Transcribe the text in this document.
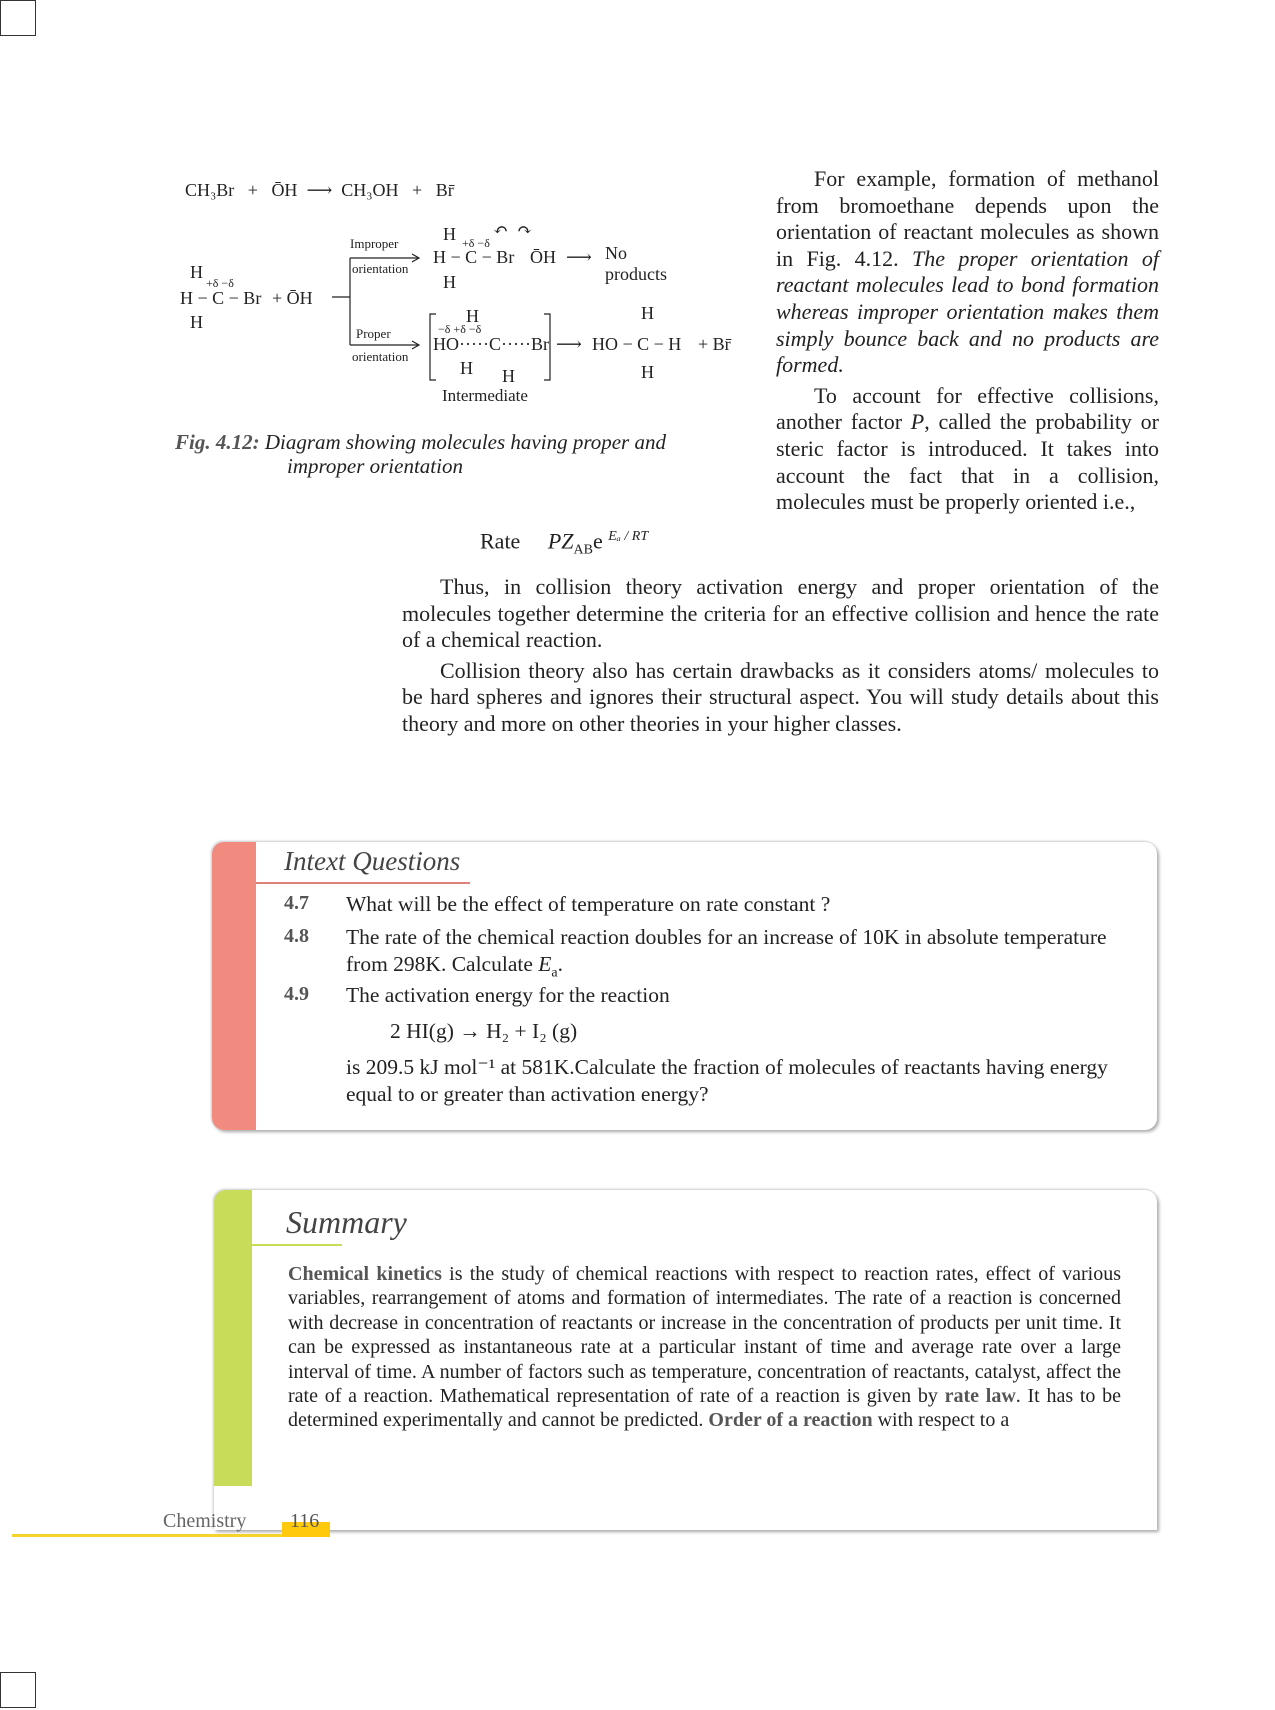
CH₃Br + ŌH ⟶ CH₃OH   +   Br̄
H
+δ −δ
H − C − Br + ŌH
H
Improper
orientation
Proper
orientation
H +δ −δ
H − C − Br ŌH
H
↶  ↷
⟶ No
products
H
−δ +δ −δ
HO·····C·····Br
H H
Intermediate
⟶
H
HO − C − H
H
+ Br̄
Fig. 4.12: Diagram showing molecules having proper and
improper orientation

For example, formation of methanol from bromoethane depends upon the orientation of reactant molecules as shown in Fig. 4.12. The proper orientation of reactant molecules lead to bond formation whereas improper orientation makes them simply bounce back and no products are formed.

To account for effective collisions, another factor P, called the probability or steric factor is introduced. It takes into account the fact that in a collision, molecules must be properly oriented i.e.,

Rate $PZ_{AB}e$ $^{E_a / RT}$

Thus, in collision theory activation energy and proper orientation of the molecules together determine the criteria for an effective collision and hence the rate of a chemical reaction.

Collision theory also has certain drawbacks as it considers atoms/ molecules to be hard spheres and ignores their structural aspect. You will study details about this theory and more on other theories in your higher classes.

Intext Questions
4.7 What will be the effect of temperature on rate constant ?
4.8 The rate of the chemical reaction doubles for an increase of 10K in absolute temperature from 298K. Calculate $E_a$.
4.9 The activation energy for the reaction
2 HI(g) → H₂ + I₂ (g)
is 209.5 kJ mol⁻¹ at 581K.Calculate the fraction of molecules of reactants having energy equal to or greater than activation energy?
Summary
Chemical kinetics is the study of chemical reactions with respect to reaction rates, effect of various variables, rearrangement of atoms and formation of intermediates. The rate of a reaction is concerned with decrease in concentration of reactants or increase in the concentration of products per unit time. It can be expressed as instantaneous rate at a particular instant of time and average rate over a large interval of time. A number of factors such as temperature, concentration of reactants, catalyst, affect the rate of a reaction. Mathematical representation of rate of a reaction is given by rate law. It has to be determined experimentally and cannot be predicted. Order of a reaction with respect to a
Chemistry 116
